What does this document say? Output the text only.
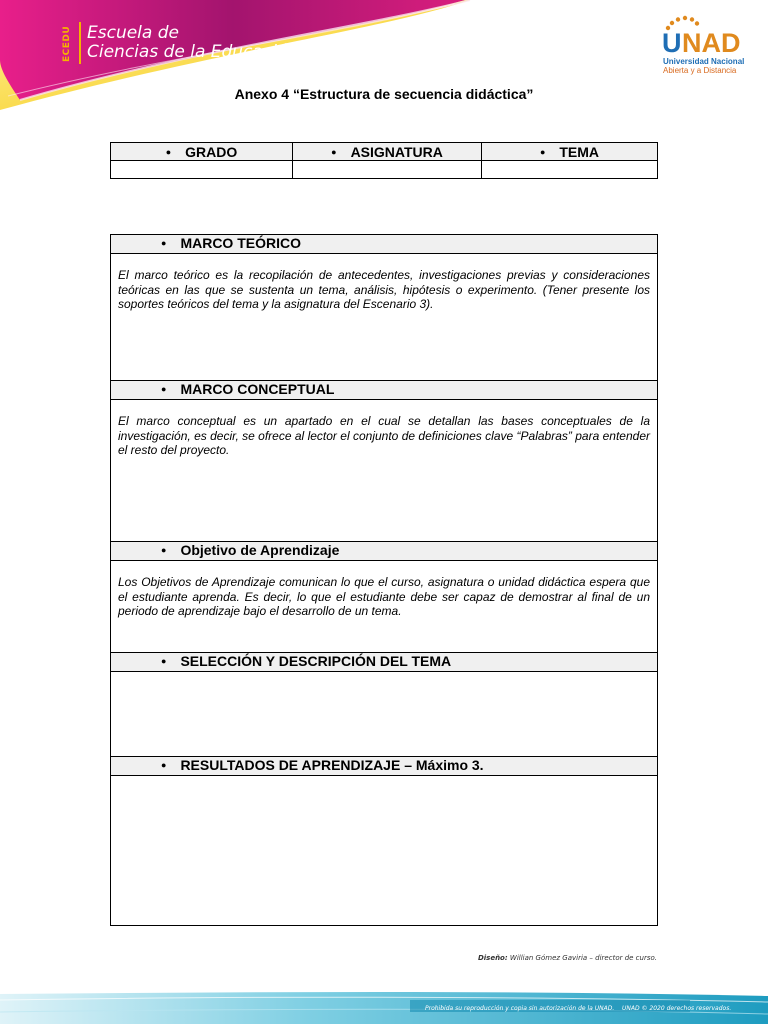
ECEDU Escuela de
Ciencias de la Educación	U NAD
Universidad Nacional
Abierta y a Distancia
Anexo 4 “Estructura de secuencia didáctica”
● GRADO	● ASIGNATURA	● TEMA

● MARCO TEÓRICO
El marco teórico es la recopilación de antecedentes, investigaciones previas y consideraciones teóricas en las que se sustenta un tema, análisis, hipótesis o experimento. (Tener presente los soportes teóricos del tema y la asignatura del Escenario 3).
● MARCO CONCEPTUAL
El marco conceptual es un apartado en el cual se detallan las bases conceptuales de la investigación, es decir, se ofrece al lector el conjunto de definiciones clave “Palabras” para entender el resto del proyecto.
● Objetivo de Aprendizaje
Los Objetivos de Aprendizaje comunican lo que el curso, asignatura o unidad didáctica espera que el estudiante aprenda. Es decir, lo que el estudiante debe ser capaz de demostrar al final de un periodo de aprendizaje bajo el desarrollo de un tema.
● SELECCIÓN Y DESCRIPCIÓN DEL TEMA
● RESULTADOS DE APRENDIZAJE – Máximo 3.
Diseño: Willian Gómez Gaviria – director de curso.
Prohibida su reproducción y copia sin autorización de la UNAD. UNAD © 2020 derechos reservados.
